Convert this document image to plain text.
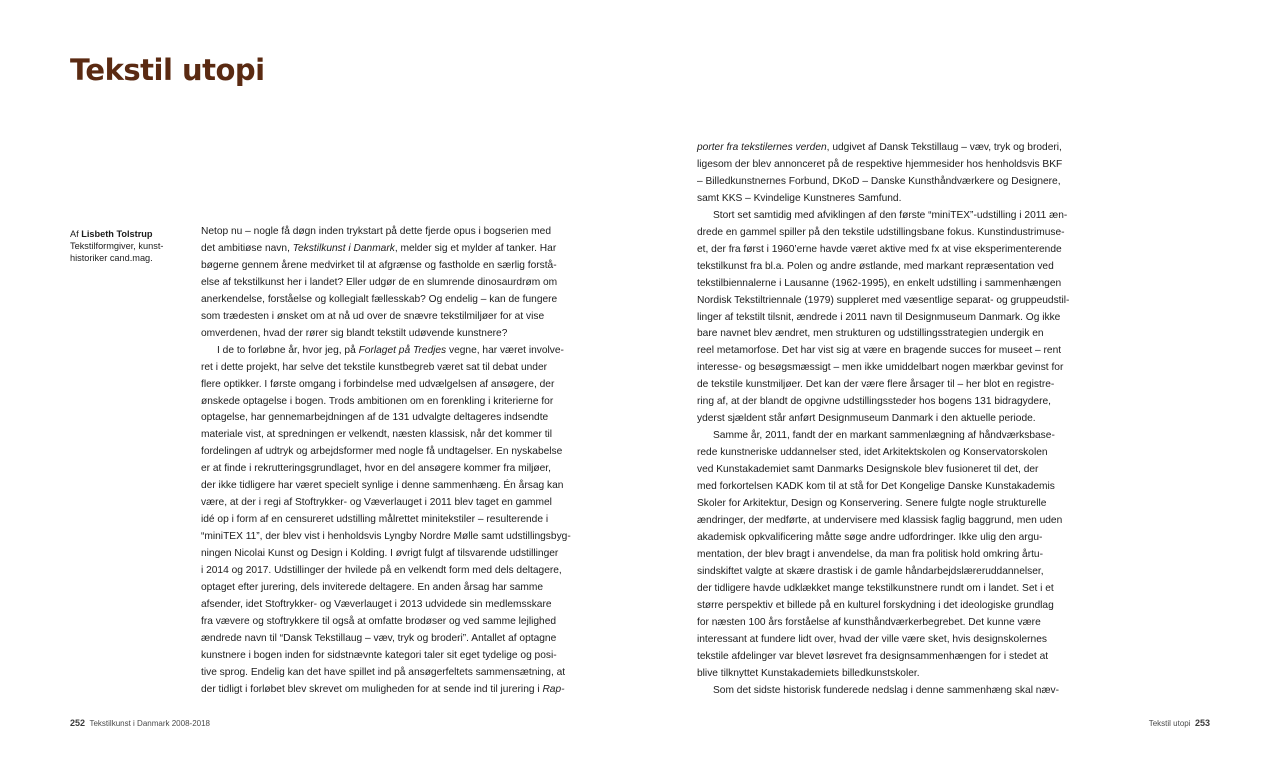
Tekstil utopi
Af Lisbeth Tolstrup
Tekstilformgiver, kunst-
historiker cand.mag.
Netop nu – nogle få døgn inden trykstart på dette fjerde opus i bogserien med
det ambitiøse navn, Tekstilkunst i Danmark, melder sig et mylder af tanker. Har
bøgerne gennem årene medvirket til at afgrænse og fastholde en særlig forstå-
else af tekstilkunst her i landet? Eller udgør de en slumrende dinosaurdrøm om
anerkendelse, forståelse og kollegialt fællesskab? Og endelig – kan de fungere
som trædesten i ønsket om at nå ud over de snævre tekstilmiljøer for at vise
omverdenen, hvad der rører sig blandt tekstilt udøvende kunstnere?
I de to forløbne år, hvor jeg, på Forlaget på Tredjes vegne, har været involve-
ret i dette projekt, har selve det tekstile kunstbegreb været sat til debat under
flere optikker. I første omgang i forbindelse med udvælgelsen af ansøgere, der
ønskede optagelse i bogen. Trods ambitionen om en forenkling i kriterierne for
optagelse, har gennemarbejdningen af de 131 udvalgte deltageres indsendte
materiale vist, at spredningen er velkendt, næsten klassisk, når det kommer til
fordelingen af udtryk og arbejdsformer med nogle få undtagelser. En nyskabelse
er at finde i rekrutteringsgrundlaget, hvor en del ansøgere kommer fra miljøer,
der ikke tidligere har været specielt synlige i denne sammenhæng. Én årsag kan
være, at der i regi af Stoftrykker- og Væverlauget i 2011 blev taget en gammel
idé op i form af en censureret udstilling målrettet minitekstiler – resulterende i
“miniTEX 11”, der blev vist i henholdsvis Lyngby Nordre Mølle samt udstillingsbyg-
ningen Nicolai Kunst og Design i Kolding. I øvrigt fulgt af tilsvarende udstillinger
i 2014 og 2017. Udstillinger der hvilede på en velkendt form med dels deltagere,
optaget efter jurering, dels inviterede deltagere. En anden årsag har samme
afsender, idet Stoftrykker- og Væverlauget i 2013 udvidede sin medlemsskare
fra vævere og stoftrykkere til også at omfatte brodøser og ved samme lejlighed
ændrede navn til “Dansk Tekstillaug – væv, tryk og broderi”. Antallet af optagne
kunstnere i bogen inden for sidstnævnte kategori taler sit eget tydelige og posi-
tive sprog. Endelig kan det have spillet ind på ansøgerfeltets sammensætning, at
der tidligt i forløbet blev skrevet om muligheden for at sende ind til jurering i Rap-
porter fra tekstilernes verden, udgivet af Dansk Tekstillaug – væv, tryk og broderi,
ligesom der blev annonceret på de respektive hjemmesider hos henholdsvis BKF
– Billedkunstnernes Forbund, DKoD – Danske Kunsthåndværkere og Designere,
samt KKS – Kvindelige Kunstneres Samfund.
Stort set samtidig med afviklingen af den første “miniTEX”-udstilling i 2011 æn-
drede en gammel spiller på den tekstile udstillingsbane fokus. Kunstindustrimuse-
et, der fra først i 1960’erne havde været aktive med fx at vise eksperimenterende
tekstilkunst fra bl.a. Polen og andre østlande, med markant repræsentation ved
tekstilbiennalerne i Lausanne (1962-1995), en enkelt udstilling i sammenhængen
Nordisk Tekstiltriennale (1979) suppleret med væsentlige separat- og gruppeudstil-
linger af tekstilt tilsnit, ændrede i 2011 navn til Designmuseum Danmark. Og ikke
bare navnet blev ændret, men strukturen og udstillingsstrategien undergik en
reel metamorfose. Det har vist sig at være en bragende succes for museet – rent
interesse- og besøgsmæssigt – men ikke umiddelbart nogen mærkbar gevinst for
de tekstile kunstmiljøer. Det kan der være flere årsager til – her blot en registre-
ring af, at der blandt de opgivne udstillingssteder hos bogens 131 bidragydere,
yderst sjældent står anført Designmuseum Danmark i den aktuelle periode.
Samme år, 2011, fandt der en markant sammenlægning af håndværksbase-
rede kunstneriske uddannelser sted, idet Arkitektskolen og Konservatorskolen
ved Kunstakademiet samt Danmarks Designskole blev fusioneret til det, der
med forkortelsen KADK kom til at stå for Det Kongelige Danske Kunstakademis
Skoler for Arkitektur, Design og Konservering. Senere fulgte nogle strukturelle
ændringer, der medførte, at undervisere med klassisk faglig baggrund, men uden
akademisk opkvalificering måtte søge andre udfordringer. Ikke ulig den argu-
mentation, der blev bragt i anvendelse, da man fra politisk hold omkring årtu-
sindskiftet valgte at skære drastisk i de gamle håndarbejdslæreruddannelser,
der tidligere havde udklækket mange tekstilkunstnere rundt om i landet. Set i et
større perspektiv et billede på en kulturel forskydning i det ideologiske grundlag
for næsten 100 års forståelse af kunsthåndværkerbegrebet. Det kunne være
interessant at fundere lidt over, hvad der ville være sket, hvis designskolernes
tekstile afdelinger var blevet løsrevet fra designsammenhængen for i stedet at
blive tilknyttet Kunstakademiets billedkunstskoler.
Som det sidste historisk funderede nedslag i denne sammenhæng skal næv-
252 Tekstilkunst i Danmark 2008-2018	Tekstil utopi 253
